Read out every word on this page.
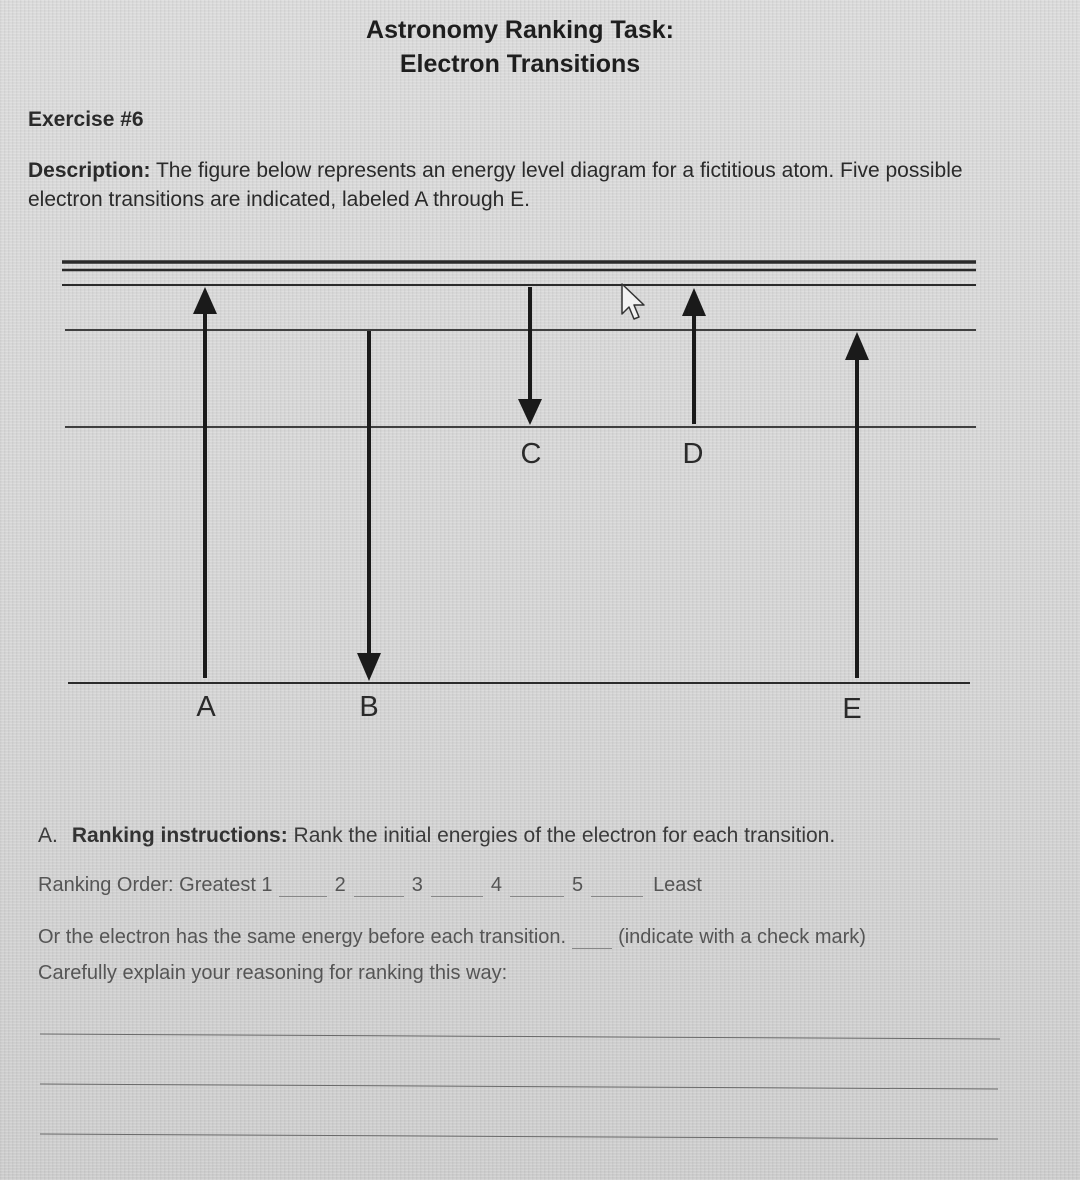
Astronomy Ranking Task:
Electron Transitions
Exercise #6
Description: The figure below represents an energy level diagram for a fictitious atom. Five possible electron transitions are indicated, labeled A through E.
A	B
C	D
E
A. Ranking instructions: Rank the initial energies of the electron for each transition.
Ranking Order: Greatest 1	2	3	4	5	Least
Or the electron has the same energy before each transition.	(indicate with a check mark)
Carefully explain your reasoning for ranking this way:
